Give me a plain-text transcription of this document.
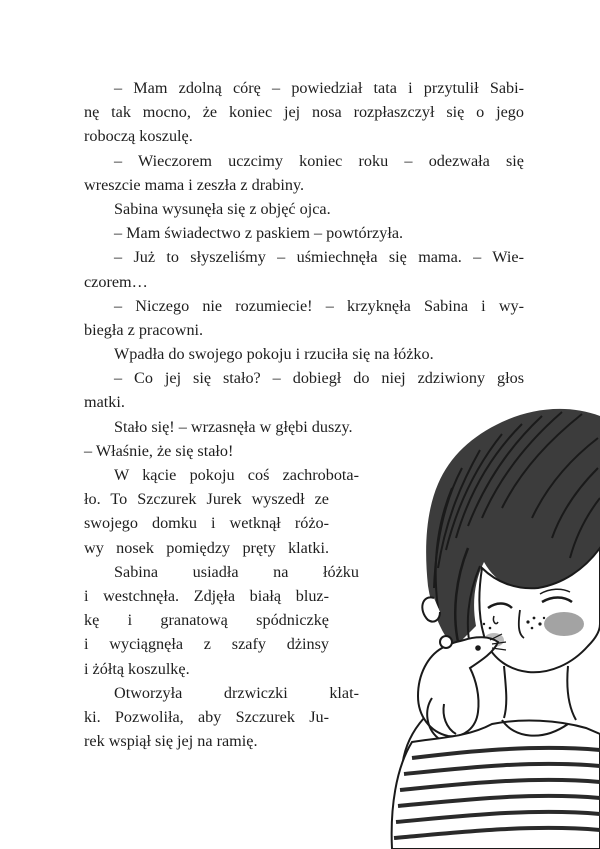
– Mam zdolną córę – powiedział tata i przytulił Sabi-
nę tak mocno, że koniec jej nosa rozpłaszczył się o jego
roboczą koszulę.
– Wieczorem uczcimy koniec roku – odezwała się
wreszcie mama i zeszła z drabiny.
Sabina wysunęła się z objęć ojca.
– Mam świadectwo z paskiem – powtórzyła.
– Już to słyszeliśmy – uśmiechnęła się mama. – Wie-
czorem…
– Niczego nie rozumiecie! – krzyknęła Sabina i wy-
biegła z pracowni.
Wpadła do swojego pokoju i rzuciła się na łóżko.
– Co jej się stało? – dobiegł do niej zdziwiony głos
matki.
Stało się! – wrzasnęła w głębi duszy.
– Właśnie, że się stało!
W kącie pokoju coś zachrobota-
ło. To Szczurek Jurek wyszedł ze
swojego domku i wetknął różo-
wy nosek pomiędzy pręty klatki.
Sabina usiadła na łóżku
i westchnęła. Zdjęła białą bluz-
kę i granatową spódniczkę
i wyciągnęła z szafy dżinsy
i żółtą koszulkę.
Otworzyła drzwiczki klat-
ki. Pozwoliła, aby Szczurek Ju-
rek wspiął się jej na ramię.
